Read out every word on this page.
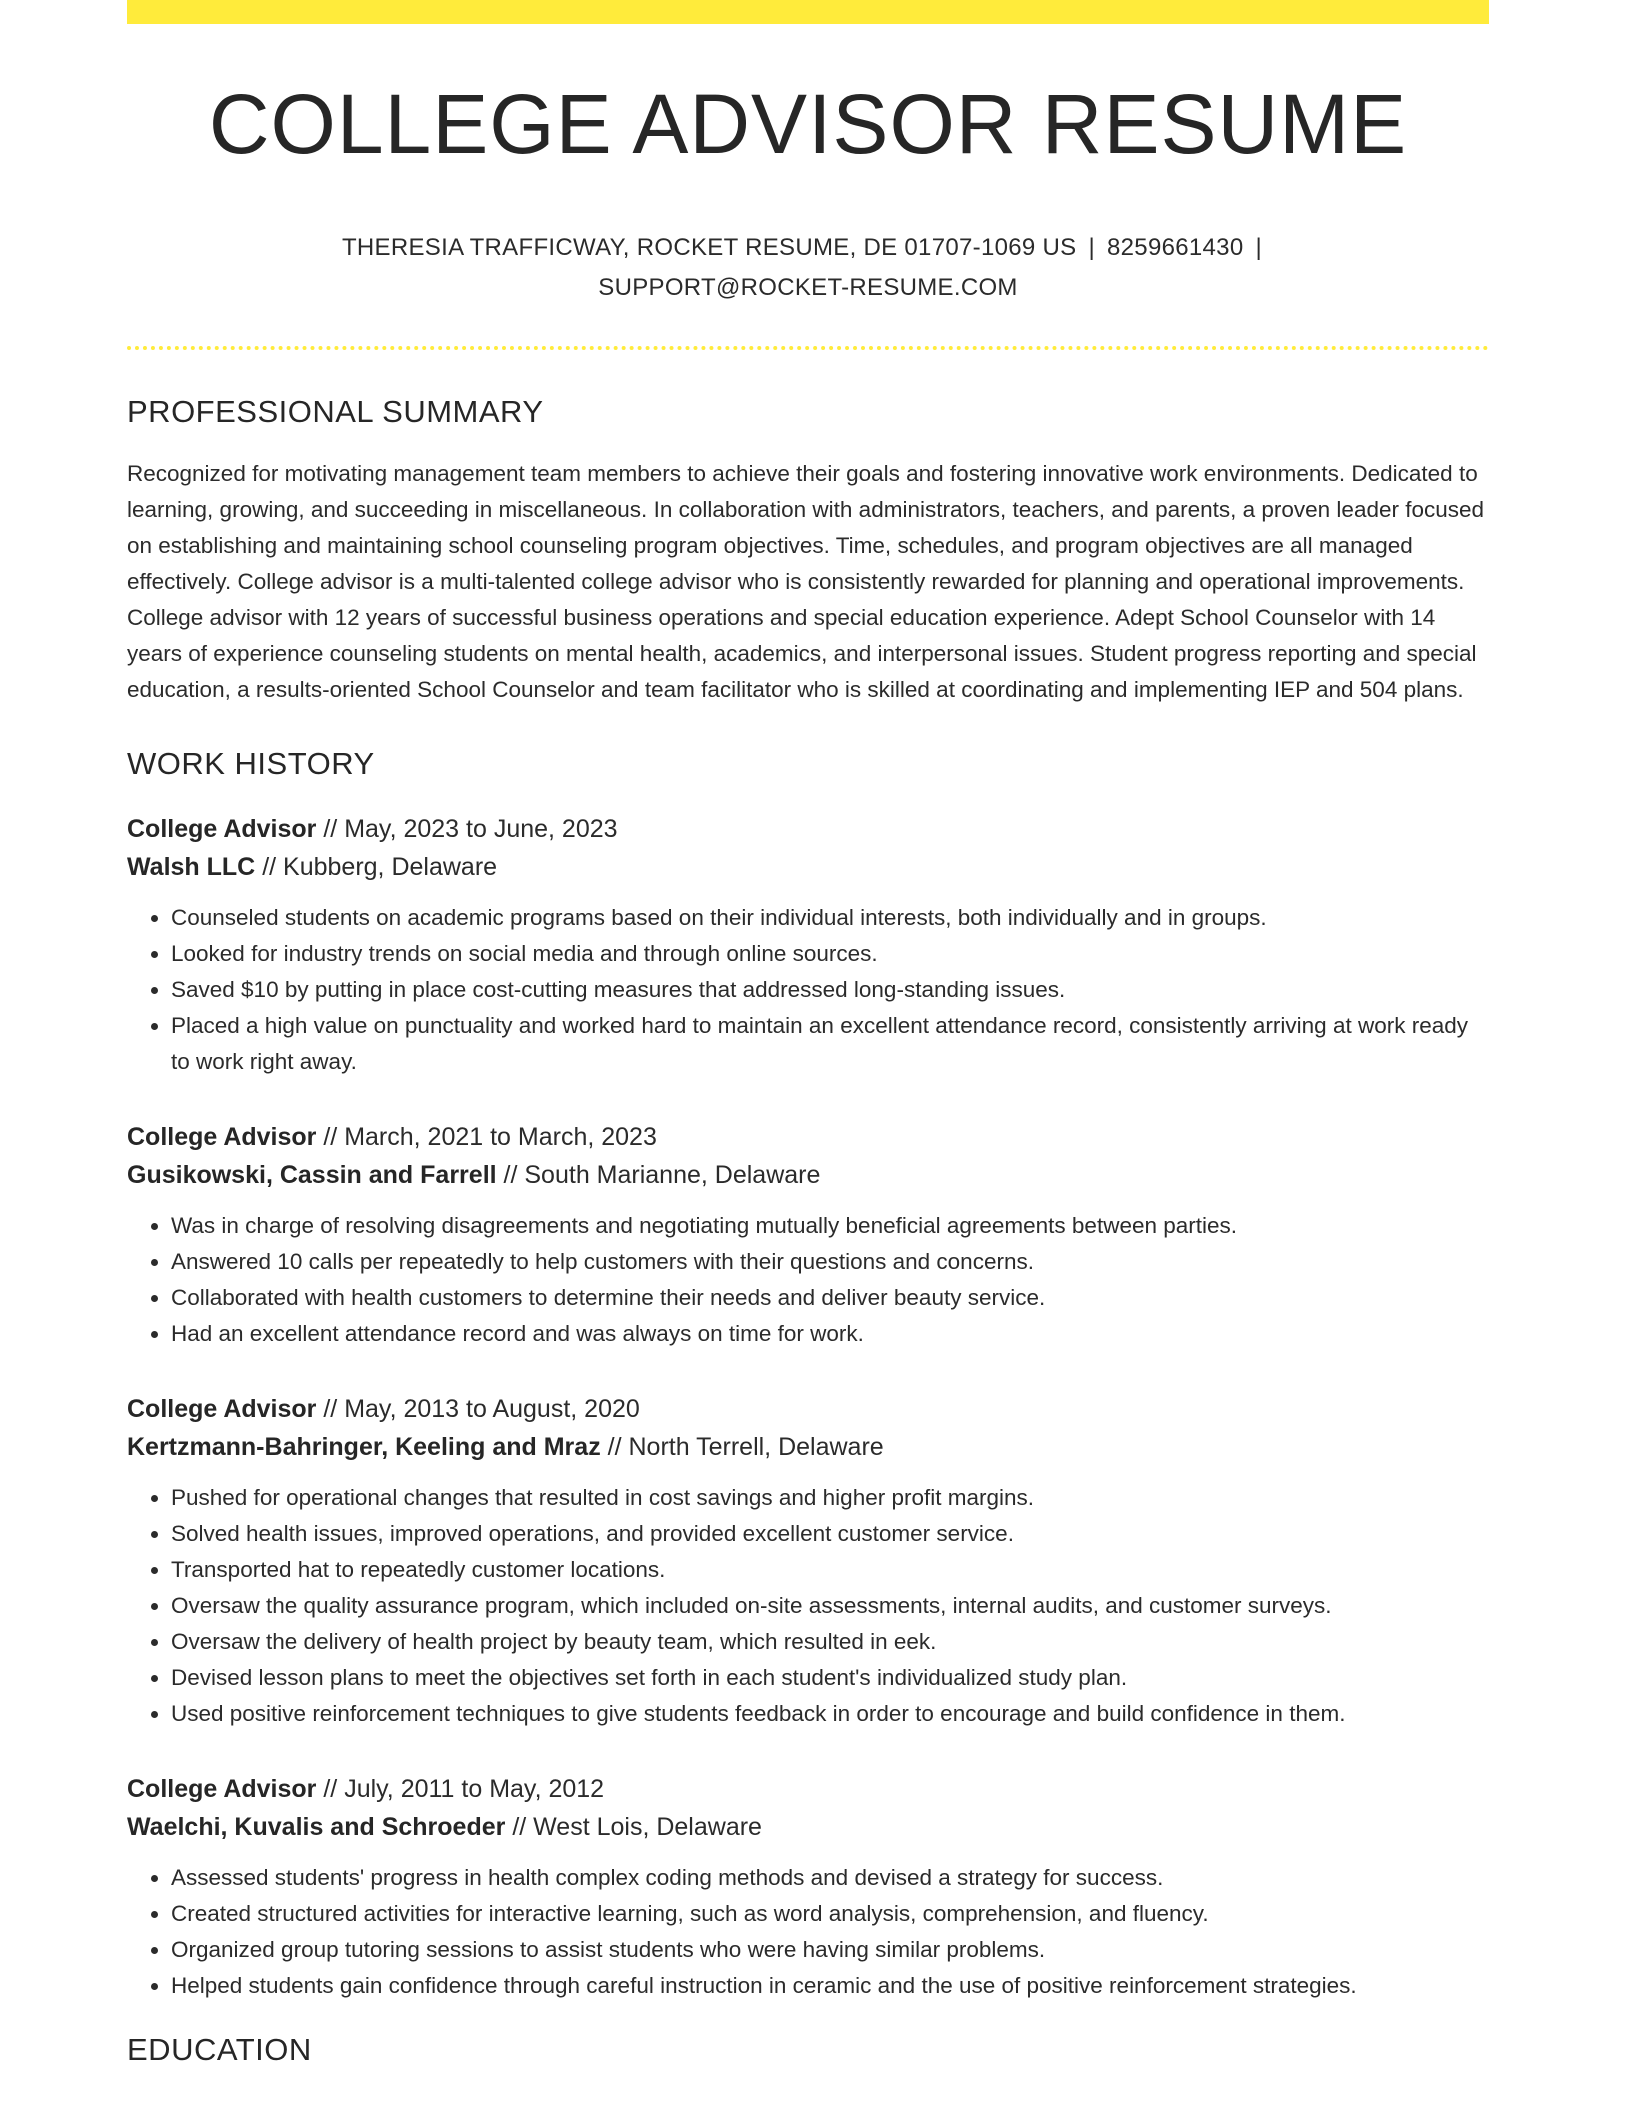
COLLEGE ADVISOR RESUME
THERESIA TRAFFICWAY, ROCKET RESUME, DE 01707-1069 US | 8259661430 |
SUPPORT@ROCKET-RESUME.COM
PROFESSIONAL SUMMARY

Recognized for motivating management team members to achieve their goals and fostering innovative work environments. Dedicated to learning, growing, and succeeding in miscellaneous. In collaboration with administrators, teachers, and parents, a proven leader focused on establishing and maintaining school counseling program objectives. Time, schedules, and program objectives are all managed effectively. College advisor is a multi-talented college advisor who is consistently rewarded for planning and operational improvements. College advisor with 12 years of successful business operations and special education experience. Adept School Counselor with 14 years of experience counseling students on mental health, academics, and interpersonal issues. Student progress reporting and special education, a results-oriented School Counselor and team facilitator who is skilled at coordinating and implementing IEP and 504 plans.

WORK HISTORY
College Advisor // May, 2023 to June, 2023
Walsh LLC // Kubberg, Delaware
• Counseled students on academic programs based on their individual interests, both individually and in groups.
• Looked for industry trends on social media and through online sources.
• Saved $10 by putting in place cost-cutting measures that addressed long-standing issues.
• Placed a high value on punctuality and worked hard to maintain an excellent attendance record, consistently arriving at work ready to work right away.
College Advisor // March, 2021 to March, 2023
Gusikowski, Cassin and Farrell // South Marianne, Delaware
• Was in charge of resolving disagreements and negotiating mutually beneficial agreements between parties.
• Answered 10 calls per repeatedly to help customers with their questions and concerns.
• Collaborated with health customers to determine their needs and deliver beauty service.
• Had an excellent attendance record and was always on time for work.
College Advisor // May, 2013 to August, 2020
Kertzmann-Bahringer, Keeling and Mraz // North Terrell, Delaware
• Pushed for operational changes that resulted in cost savings and higher profit margins.
• Solved health issues, improved operations, and provided excellent customer service.
• Transported hat to repeatedly customer locations.
• Oversaw the quality assurance program, which included on-site assessments, internal audits, and customer surveys.
• Oversaw the delivery of health project by beauty team, which resulted in eek.
• Devised lesson plans to meet the objectives set forth in each student's individualized study plan.
• Used positive reinforcement techniques to give students feedback in order to encourage and build confidence in them.
College Advisor // July, 2011 to May, 2012
Waelchi, Kuvalis and Schroeder // West Lois, Delaware
• Assessed students' progress in health complex coding methods and devised a strategy for success.
• Created structured activities for interactive learning, such as word analysis, comprehension, and fluency.
• Organized group tutoring sessions to assist students who were having similar problems.
• Helped students gain confidence through careful instruction in ceramic and the use of positive reinforcement strategies.
EDUCATION
